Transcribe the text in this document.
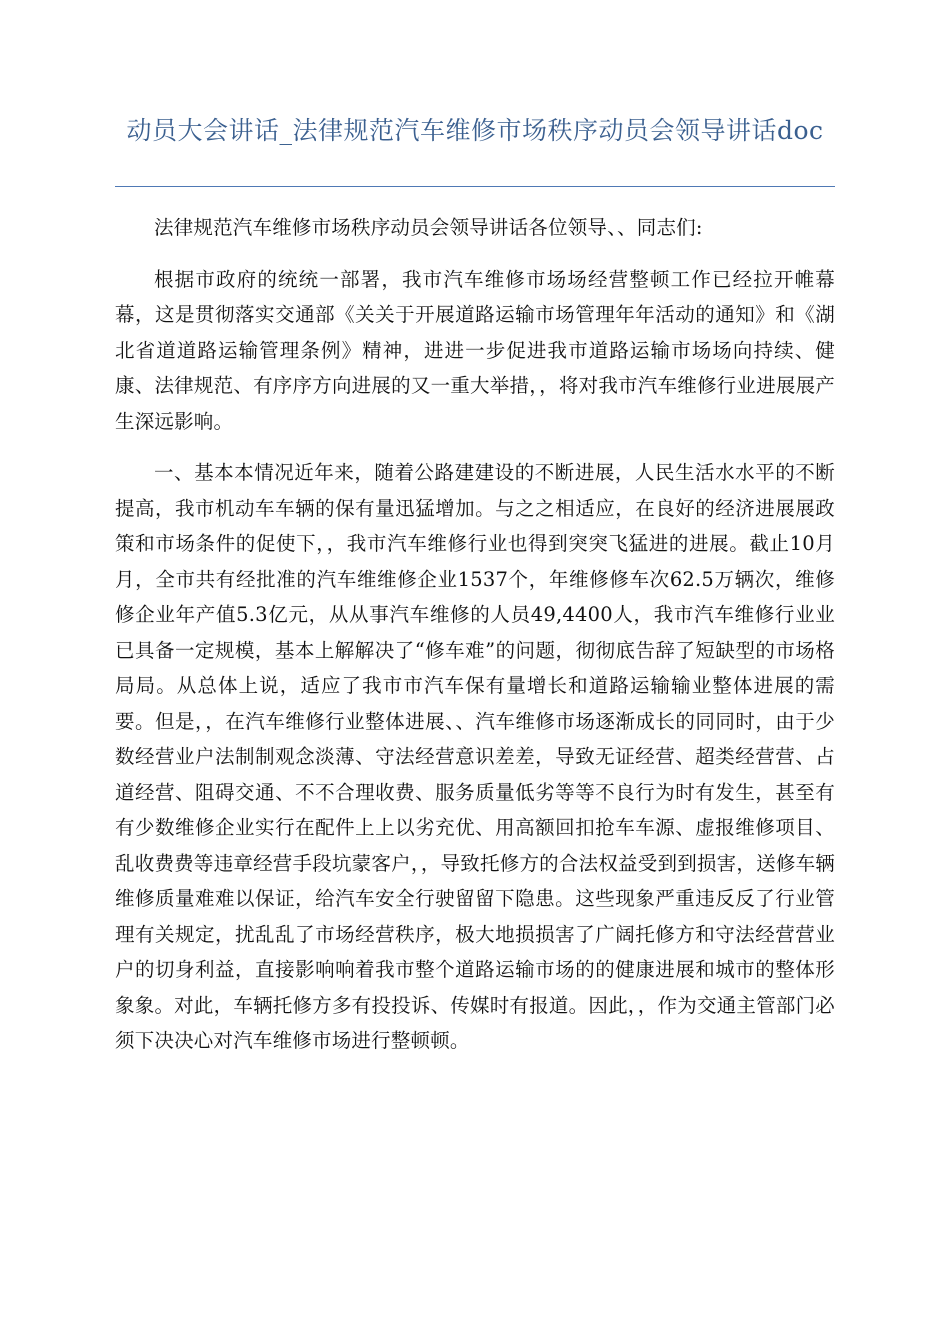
动员大会讲话_法律规范汽车维修市场秩序动员会领导讲话doc

法律规范汽车维修市场秩序动员会领导讲话各位领导、、同志们:

根据市政府的统统一部署，我市汽车维修市场场经营整顿工作已经拉开帷幕幕，这是贯彻落实交通部《关关于开展道路运输市场管理年年活动的通知》和《湖北省道道路运输管理条例》精神，进进一步促进我市道路运输市场场向持续、健康、法律规范、有序序方向进展的又一重大举措，，将对我市汽车维修行业进展展产生深远影响。

一、基本本情况近年来，随着公路建建设的不断进展，人民生活水水平的不断提高，我市机动车车辆的保有量迅猛增加。与之之相适应，在良好的经济进展展政策和市场条件的促使下，，我市汽车维修行业也得到突突飞猛进的进展。截止10月月，全市共有经批准的汽车维维修企业1537个，年维修修车次62.5万辆次，维修修企业年产值5.3亿元，从从事汽车维修的人员49,4400人，我市汽车维修行业业已具备一定规模，基本上解解决了“修车难”的问题，彻彻底告辞了短缺型的市场格局局。从总体上说，适应了我市市汽车保有量增长和道路运输输业整体进展的需要。但是，，在汽车维修行业整体进展、、汽车维修市场逐渐成长的同同时，由于少数经营业户法制制观念淡薄、守法经营意识差差，导致无证经营、超类经营营、占道经营、阻碍交通、不不合理收费、服务质量低劣等等不良行为时有发生，甚至有有少数维修企业实行在配件上上以劣充优、用高额回扣抢车车源、虚报维修项目、乱收费费等违章经营手段坑蒙客户，，导致托修方的合法权益受到到损害，送修车辆维修质量难难以保证，给汽车安全行驶留留下隐患。这些现象严重违反反了行业管理有关规定，扰乱乱了市场经营秩序，极大地损损害了广阔托修方和守法经营营业户的切身利益，直接影响响着我市整个道路运输市场的的健康进展和城市的整体形象象。对此，车辆托修方多有投投诉、传媒时有报道。因此，，作为交通主管部门必须下决决心对汽车维修市场进行整顿顿。
